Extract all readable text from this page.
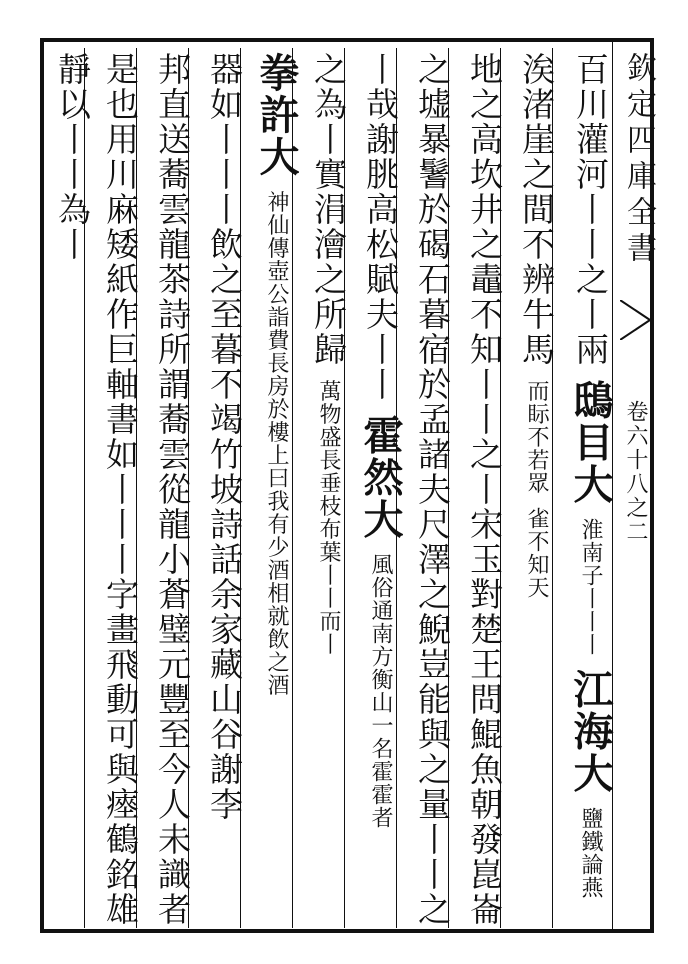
欽定四庫全書
卷六十八之二
百川灌河丨丨之丨兩 鴟目大 淮南子丨丨丨 江海大 鹽鐵論燕
涘渚崖之間不辨牛馬 而眎不若眾 雀不知天
地之高坎井之鼃不知丨丨之丨宋玉對楚王問鯤魚朝發崑崙
之墟暴鬐於碣石暮宿於孟諸夫尺澤之鯢豈能與之量丨丨之
丨哉謝朓高松賦夫丨丨 霍然大 風俗通南方衡山一名霍霍者
之為丨實涓澮之所歸 萬物盛長垂枝布葉丨丨而丨
拳許大 神仙傳壺公詣費長房於樓上曰我有少酒相就飲之酒
器如丨丨丨飲之至暮不竭竹坡詩話余家藏山谷謝李
邦直送蕎雲龍茶詩所謂蕎雲從龍小蒼璧元豐至今人未識者
是也用川麻矮紙作巨軸書如丨丨丨字畫飛動可與瘞鶴銘雄
靜以丨丨為丨
